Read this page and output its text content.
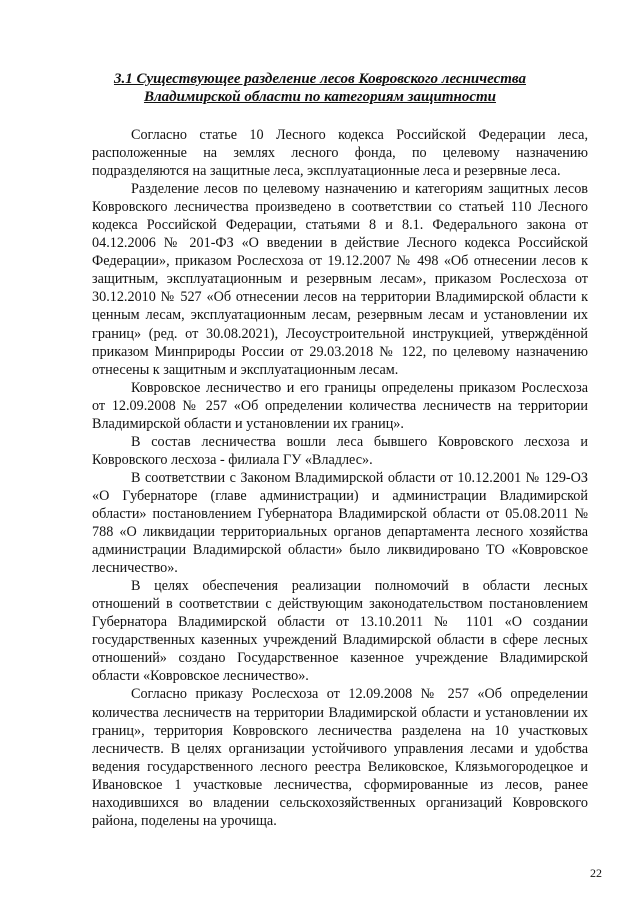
3.1 Существующее разделение лесов Ковровского лесничества
Владимирской области по категориям защитности

Согласно статье 10 Лесного кодекса Российской Федерации леса, расположенные на землях лесного фонда, по целевому назначению подразделяются на защитные леса, эксплуатационные леса и резервные леса.

Разделение лесов по целевому назначению и категориям защитных лесов Ковровского лесничества произведено в соответствии со статьей 110 Лесного кодекса Российской Федерации, статьями 8 и 8.1. Федерального закона от 04.12.2006 № 201-ФЗ «О введении в действие Лесного кодекса Российской Федерации», приказом Рослесхоза от 19.12.2007 № 498 «Об отнесении лесов к защитным, эксплуатационным и резервным лесам», приказом Рослесхоза от 30.12.2010 № 527 «Об отнесении лесов на территории Владимирской области к ценным лесам, эксплуатационным лесам, резервным лесам и установлении их границ» (ред. от 30.08.2021), Лесоустроительной инструкцией, утверждённой приказом Минприроды России от 29.03.2018 № 122, по целевому назначению отнесены к защитным и эксплуатационным лесам.

Ковровское лесничество и его границы определены приказом Рослесхоза от 12.09.2008 № 257 «Об определении количества лесничеств на территории Владимирской области и установлении их границ».

В состав лесничества вошли леса бывшего Ковровского лесхоза и Ковровского лесхоза - филиала ГУ «Владлес».

В соответствии с Законом Владимирской области от 10.12.2001 № 129-ОЗ «О Губернаторе (главе администрации) и администрации Владимирской области» постановлением Губернатора Владимирской области от 05.08.2011 № 788 «О ликвидации территориальных органов департамента лесного хозяйства администрации Владимирской области» было ликвидировано ТО «Ковровское лесничество».

В целях обеспечения реализации полномочий в области лесных отношений в соответствии с действующим законодательством постановлением Губернатора Владимирской области от 13.10.2011 № 1101 «О создании государственных казенных учреждений Владимирской области в сфере лесных отношений» создано Государственное казенное учреждение Владимирской области «Ковровское лесничество».

Согласно приказу Рослесхоза от 12.09.2008 № 257 «Об определении количества лесничеств на территории Владимирской области и установлении их границ», территория Ковровского лесничества разделена на 10 участковых лесничеств. В целях организации устойчивого управления лесами и удобства ведения государственного лесного реестра Великовское, Клязьмогородецкое и Ивановское 1 участковые лесничества, сформированные из лесов, ранее находившихся во владении сельскохозяйственных организаций Ковровского района, поделены на урочища.

22
